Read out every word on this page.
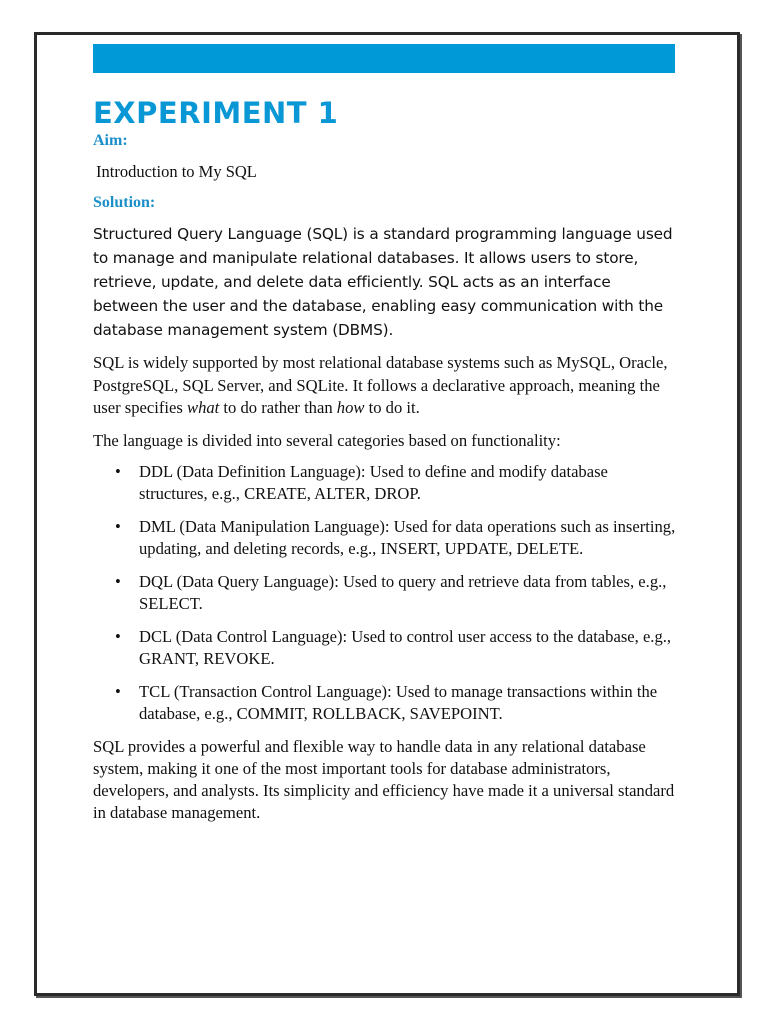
EXPERIMENT 1

Aim:

Introduction to My SQL

Solution:

Structured Query Language (SQL) is a standard programming language used to manage and manipulate relational databases. It allows users to store, retrieve, update, and delete data efficiently. SQL acts as an interface between the user and the database, enabling easy communication with the database management system (DBMS).

SQL is widely supported by most relational database systems such as MySQL, Oracle, PostgreSQL, SQL Server, and SQLite. It follows a declarative approach, meaning the user specifies what to do rather than how to do it.

The language is divided into several categories based on functionality:

• DDL (Data Definition Language): Used to define and modify database structures, e.g., CREATE, ALTER, DROP.
• DML (Data Manipulation Language): Used for data operations such as inserting, updating, and deleting records, e.g., INSERT, UPDATE, DELETE.
• DQL (Data Query Language): Used to query and retrieve data from tables, e.g., SELECT.
• DCL (Data Control Language): Used to control user access to the database, e.g., GRANT, REVOKE.
• TCL (Transaction Control Language): Used to manage transactions within the database, e.g., COMMIT, ROLLBACK, SAVEPOINT.

SQL provides a powerful and flexible way to handle data in any relational database system, making it one of the most important tools for database administrators, developers, and analysts. Its simplicity and efficiency have made it a universal standard in database management.
